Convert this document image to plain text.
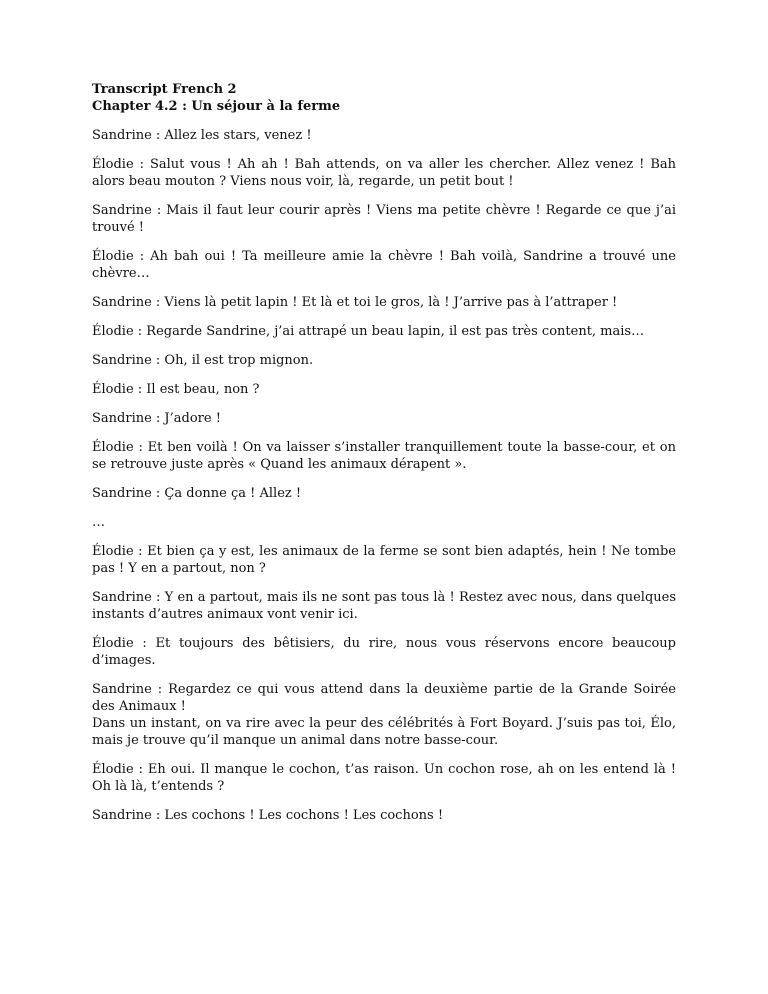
Transcript French 2

Chapter 4.2 : Un séjour à la ferme

Sandrine : Allez les stars, venez !

Élodie : Salut vous ! Ah ah ! Bah attends, on va aller les chercher. Allez venez ! Bah alors beau mouton ? Viens nous voir, là, regarde, un petit bout !

Sandrine : Mais il faut leur courir après ! Viens ma petite chèvre ! Regarde ce que j’ai trouvé !

Élodie : Ah bah oui ! Ta meilleure amie la chèvre ! Bah voilà, Sandrine a trouvé une chèvre…

Sandrine : Viens là petit lapin ! Et là et toi le gros, là ! J’arrive pas à l’attraper !

Élodie : Regarde Sandrine, j’ai attrapé un beau lapin, il est pas très content, mais…

Sandrine : Oh, il est trop mignon.

Élodie : Il est beau, non ?

Sandrine : J’adore !

Élodie : Et ben voilà ! On va laisser s’installer tranquillement toute la basse-cour, et on se retrouve juste après « Quand les animaux dérapent ».

Sandrine : Ça donne ça ! Allez !

…

Élodie : Et bien ça y est, les animaux de la ferme se sont bien adaptés, hein ! Ne tombe pas ! Y en a partout, non ?

Sandrine : Y en a partout, mais ils ne sont pas tous là ! Restez avec nous, dans quelques instants d’autres animaux vont venir ici.

Élodie : Et toujours des bêtisiers, du rire, nous vous réservons encore beaucoup d’images.

Sandrine : Regardez ce qui vous attend dans la deuxième partie de la Grande Soirée des Animaux !
Dans un instant, on va rire avec la peur des célébrités à Fort Boyard. J’suis pas toi, Élo, mais je trouve qu’il manque un animal dans notre basse-cour.

Élodie : Eh oui. Il manque le cochon, t’as raison. Un cochon rose, ah on les entend là ! Oh là là, t’entends ?

Sandrine : Les cochons ! Les cochons ! Les cochons !
